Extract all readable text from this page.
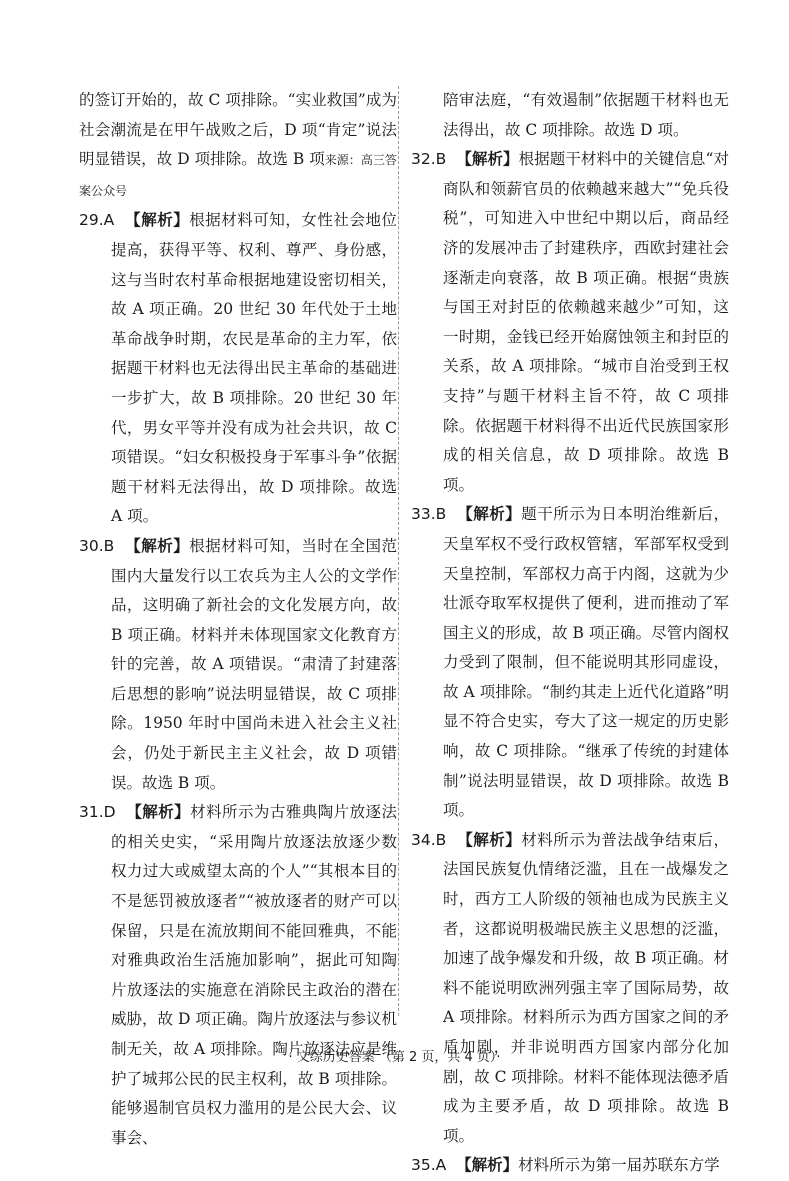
的签订开始的，故 C 项排除。“实业救国”成为社会潮流是在甲午战败之后，D 项“肯定”说法明显错误，故 D 项排除。故选 B 项来源：高三答案公众号

29.A 【解析】根据材料可知，女性社会地位提高，获得平等、权利、尊严、身份感，这与当时农村革命根据地建设密切相关，故 A 项正确。20 世纪 30 年代处于土地革命战争时期，农民是革命的主力军，依据题干材料也无法得出民主革命的基础进一步扩大，故 B 项排除。20 世纪 30 年代，男女平等并没有成为社会共识，故 C 项错误。“妇女积极投身于军事斗争”依据题干材料无法得出，故 D 项排除。故选 A 项。

30.B 【解析】根据材料可知，当时在全国范围内大量发行以工农兵为主人公的文学作品，这明确了新社会的文化发展方向，故 B 项正确。材料并未体现国家文化教育方针的完善，故 A 项错误。“肃清了封建落后思想的影响”说法明显错误，故 C 项排除。1950 年时中国尚未进入社会主义社会，仍处于新民主主义社会，故 D 项错误。故选 B 项。

31.D 【解析】材料所示为古雅典陶片放逐法的相关史实，“采用陶片放逐法放逐少数权力过大或威望太高的个人”“其根本目的不是惩罚被放逐者”“被放逐者的财产可以保留，只是在流放期间不能回雅典，不能对雅典政治生活施加影响”，据此可知陶片放逐法的实施意在消除民主政治的潜在威胁，故 D 项正确。陶片放逐法与参议机制无关，故 A 项排除。陶片放逐法应是维护了城邦公民的民主权利，故 B 项排除。能够遏制官员权力滥用的是公民大会、议事会、

陪审法庭，“有效遏制”依据题干材料也无法得出，故 C 项排除。故选 D 项。

32.B 【解析】根据题干材料中的关键信息“对商队和领薪官员的依赖越来越大”“免兵役税”，可知进入中世纪中期以后，商品经济的发展冲击了封建秩序，西欧封建社会逐渐走向衰落，故 B 项正确。根据“贵族与国王对封臣的依赖越来越少”可知，这一时期，金钱已经开始腐蚀领主和封臣的关系，故 A 项排除。“城市自治受到王权支持”与题干材料主旨不符，故 C 项排除。依据题干材料得不出近代民族国家形成的相关信息，故 D 项排除。故选 B 项。

33.B 【解析】题干所示为日本明治维新后，天皇军权不受行政权管辖，军部军权受到天皇控制，军部权力高于内阁，这就为少壮派夺取军权提供了便利，进而推动了军国主义的形成，故 B 项正确。尽管内阁权力受到了限制，但不能说明其形同虚设，故 A 项排除。“制约其走上近代化道路”明显不符合史实，夸大了这一规定的历史影响，故 C 项排除。“继承了传统的封建体制”说法明显错误，故 D 项排除。故选 B 项。

34.B 【解析】材料所示为普法战争结束后，法国民族复仇情绪泛滥，且在一战爆发之时，西方工人阶级的领袖也成为民族主义者，这都说明极端民族主义思想的泛滥，加速了战争爆发和升级，故 B 项正确。材料不能说明欧洲列强主宰了国际局势，故 A 项排除。材料所示为西方国家之间的矛盾加剧，并非说明西方国家内部分化加剧，故 C 项排除。材料不能体现法德矛盾成为主要矛盾，故 D 项排除。故选 B 项。

35.A 【解析】材料所示为第一届苏联东方学

· 文综历史答案 （第 2 页，共 4 页）·
